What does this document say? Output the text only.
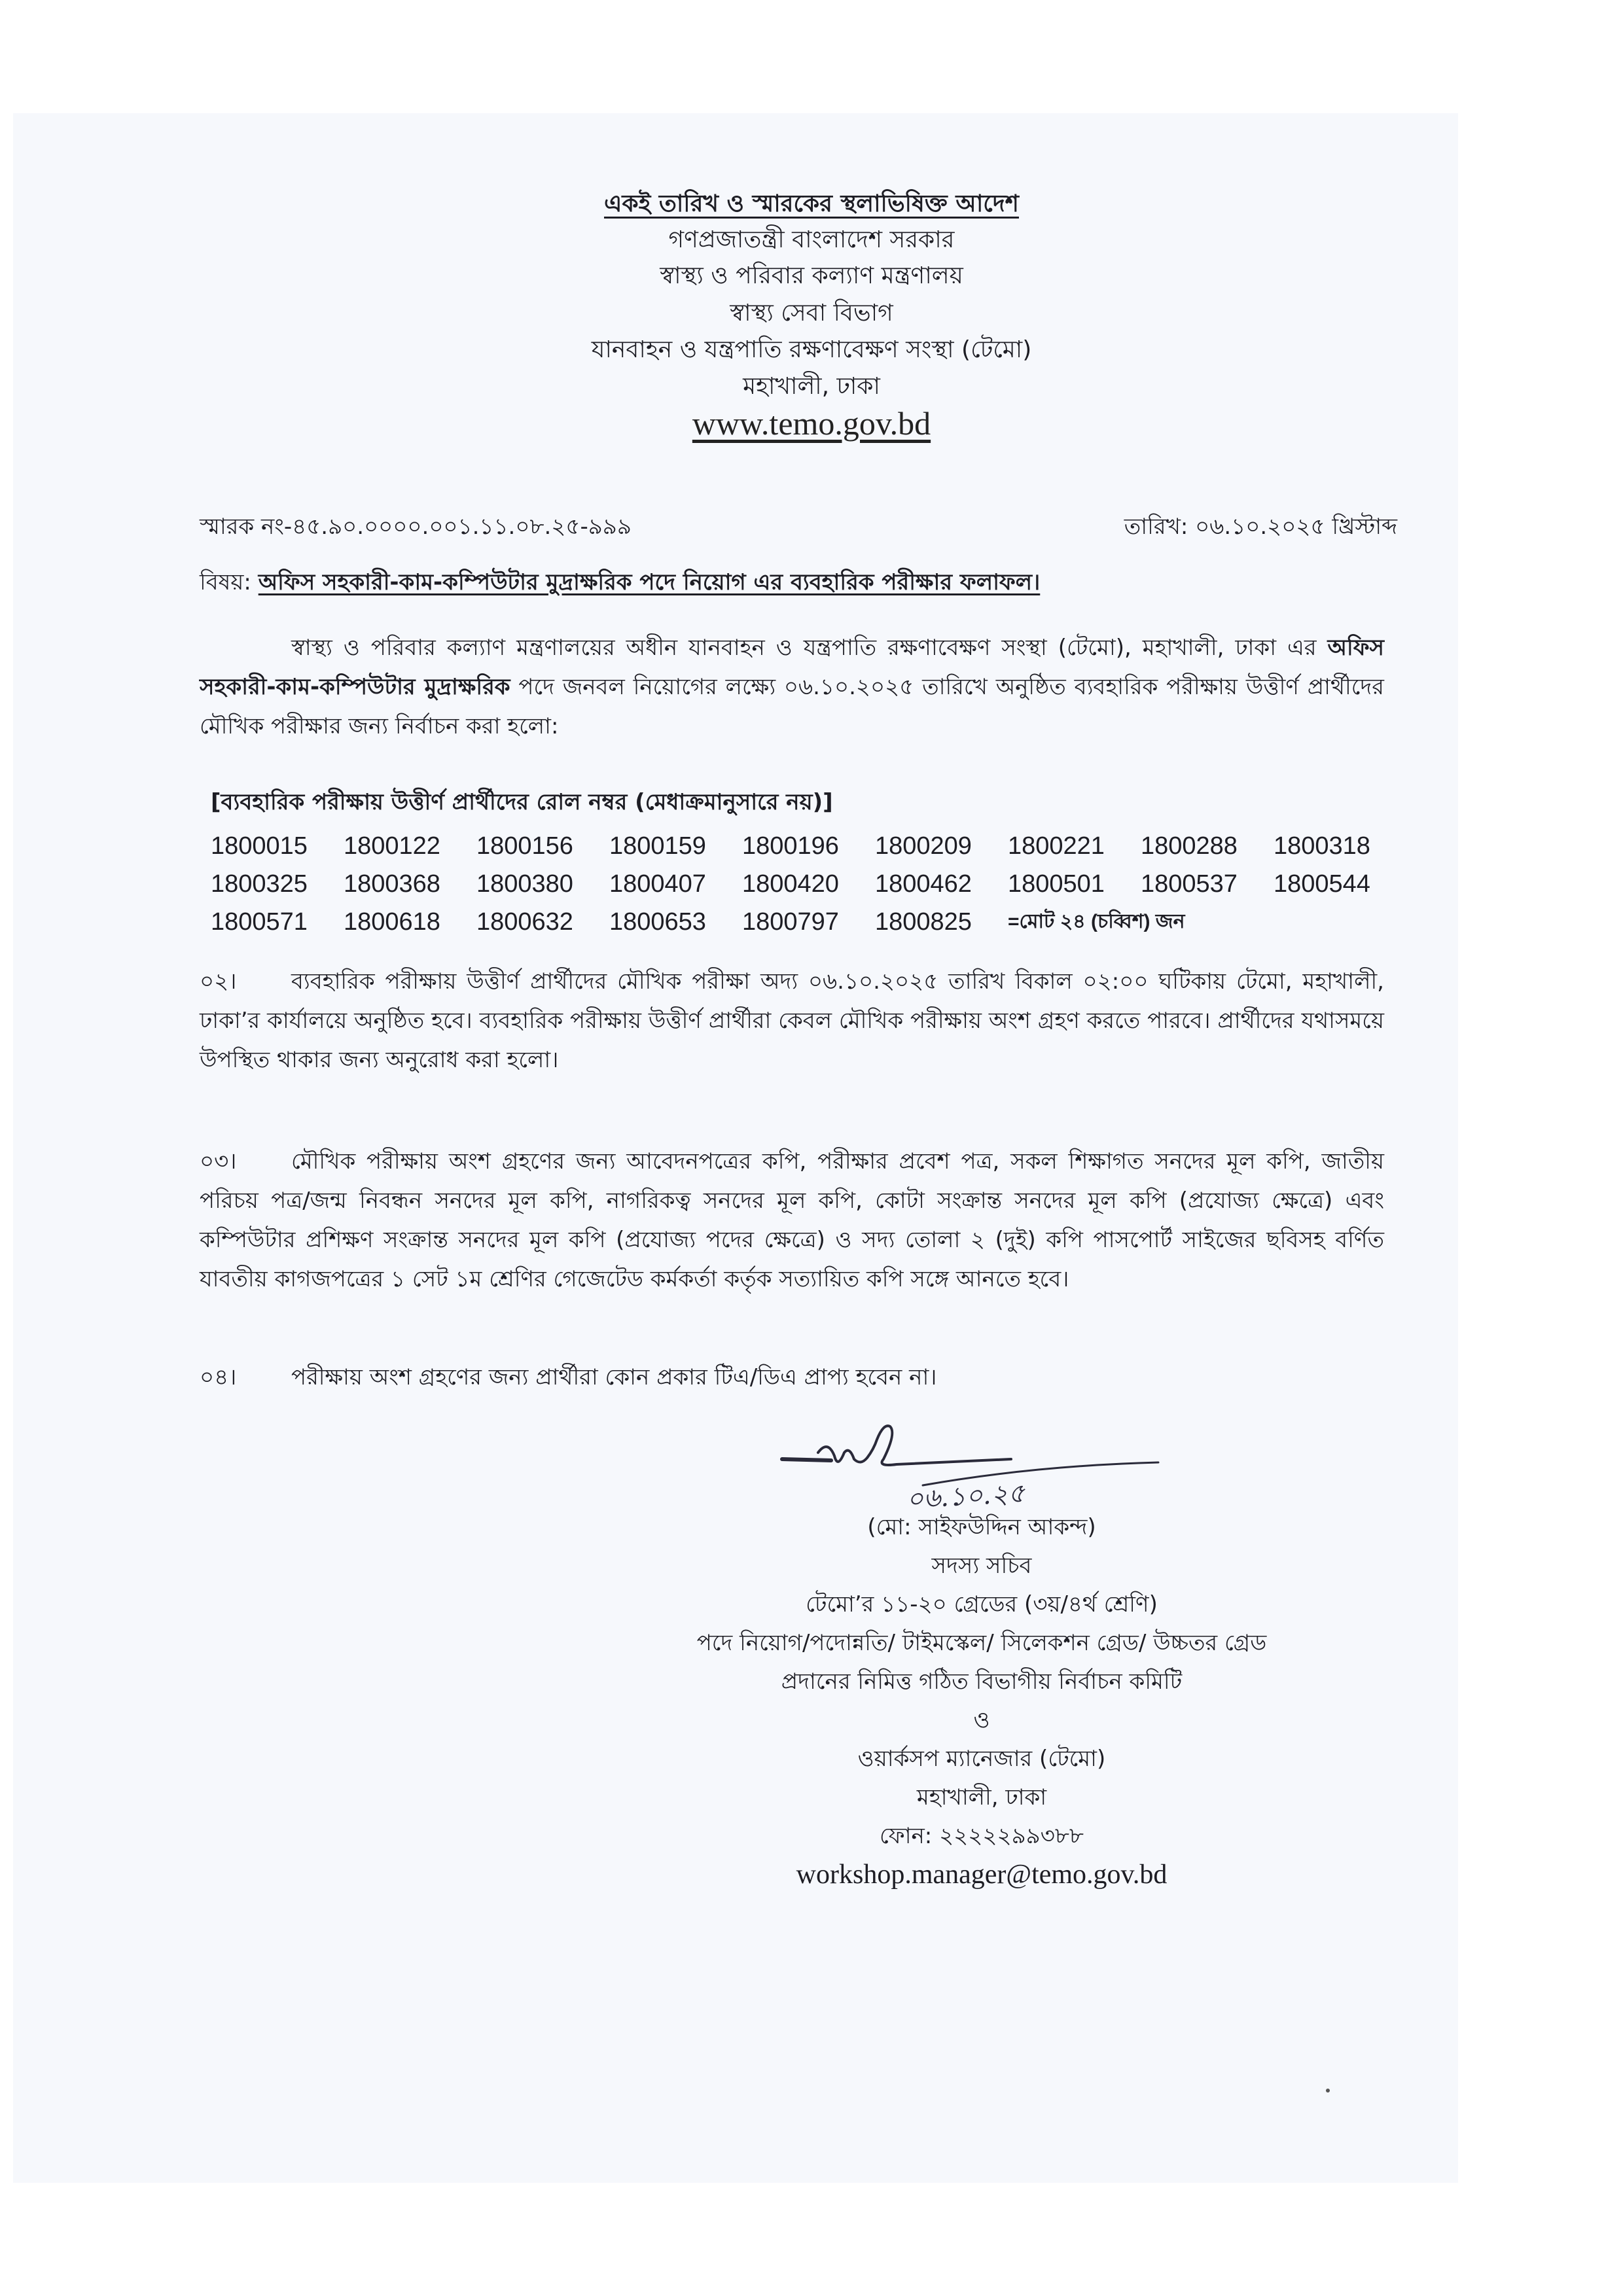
একই তারিখ ও স্মারকের স্থলাভিষিক্ত আদেশ
গণপ্রজাতন্ত্রী বাংলাদেশ সরকার
স্বাস্থ্য ও পরিবার কল্যাণ মন্ত্রণালয়
স্বাস্থ্য সেবা বিভাগ
যানবাহন ও যন্ত্রপাতি রক্ষণাবেক্ষণ সংস্থা (টেমো)
মহাখালী, ঢাকা
www.temo.gov.bd
স্মারক নং-৪৫.৯০.০০০০.০০১.১১.০৮.২৫-৯৯৯	তারিখ: ০৬.১০.২০২৫ খ্রিস্টাব্দ
বিষয়: অফিস সহকারী-কাম-কম্পিউটার মুদ্রাক্ষরিক পদে নিয়োগ এর ব্যবহারিক পরীক্ষার ফলাফল।
স্বাস্থ্য ও পরিবার কল্যাণ মন্ত্রণালয়ের অধীন যানবাহন ও যন্ত্রপাতি রক্ষণাবেক্ষণ সংস্থা (টেমো), মহাখালী, ঢাকা এর অফিস সহকারী-কাম-কম্পিউটার মুদ্রাক্ষরিক পদে জনবল নিয়োগের লক্ষ্যে ০৬.১০.২০২৫ তারিখে অনুষ্ঠিত ব্যবহারিক পরীক্ষায় উত্তীর্ণ প্রার্থীদের মৌখিক পরীক্ষার জন্য নির্বাচন করা হলো:
[ব্যবহারিক পরীক্ষায় উত্তীর্ণ প্রার্থীদের রোল নম্বর (মেধাক্রমানুসারে নয়)]
1800015	1800122	1800156	1800159	1800196	1800209	1800221	1800288	1800318
1800325	1800368	1800380	1800407	1800420	1800462	1800501	1800537	1800544
1800571	1800618	1800632	1800653	1800797	1800825	=মোট ২৪ (চব্বিশ) জন
০২। ব্যবহারিক পরীক্ষায় উত্তীর্ণ প্রার্থীদের মৌখিক পরীক্ষা অদ্য ০৬.১০.২০২৫ তারিখ বিকাল ০২:০০ ঘটিকায় টেমো, মহাখালী, ঢাকা’র কার্যালয়ে অনুষ্ঠিত হবে। ব্যবহারিক পরীক্ষায় উত্তীর্ণ প্রার্থীরা কেবল মৌখিক পরীক্ষায় অংশ গ্রহণ করতে পারবে। প্রার্থীদের যথাসময়ে উপস্থিত থাকার জন্য অনুরোধ করা হলো।
০৩। মৌখিক পরীক্ষায় অংশ গ্রহণের জন্য আবেদনপত্রের কপি, পরীক্ষার প্রবেশ পত্র, সকল শিক্ষাগত সনদের মূল কপি, জাতীয় পরিচয় পত্র/জন্ম নিবন্ধন সনদের মূল কপি, নাগরিকত্ব সনদের মূল কপি, কোটা সংক্রান্ত সনদের মূল কপি (প্রযোজ্য ক্ষেত্রে) এবং কম্পিউটার প্রশিক্ষণ সংক্রান্ত সনদের মূল কপি (প্রযোজ্য পদের ক্ষেত্রে) ও সদ্য তোলা ২ (দুই) কপি পাসপোর্ট সাইজের ছবিসহ বর্ণিত যাবতীয় কাগজপত্রের ১ সেট ১ম শ্রেণির গেজেটেড কর্মকর্তা কর্তৃক সত্যায়িত কপি সঙ্গে আনতে হবে।
০৪। পরীক্ষায় অংশ গ্রহণের জন্য প্রার্থীরা কোন প্রকার টিএ/ডিএ প্রাপ্য হবেন না।
০৬.১০.২৫
(মো: সাইফউদ্দিন আকন্দ)
সদস্য সচিব
টেমো’র ১১-২০ গ্রেডের (৩য়/৪র্থ শ্রেণি)
পদে নিয়োগ/পদোন্নতি/ টাইমস্কেল/ সিলেকশন গ্রেড/ উচ্চতর গ্রেড
প্রদানের নিমিত্ত গঠিত বিভাগীয় নির্বাচন কমিটি
ও
ওয়ার্কসপ ম্যানেজার (টেমো)
মহাখালী, ঢাকা
ফোন: ২২২২২৯৯৩৮৮
workshop.manager@temo.gov.bd
